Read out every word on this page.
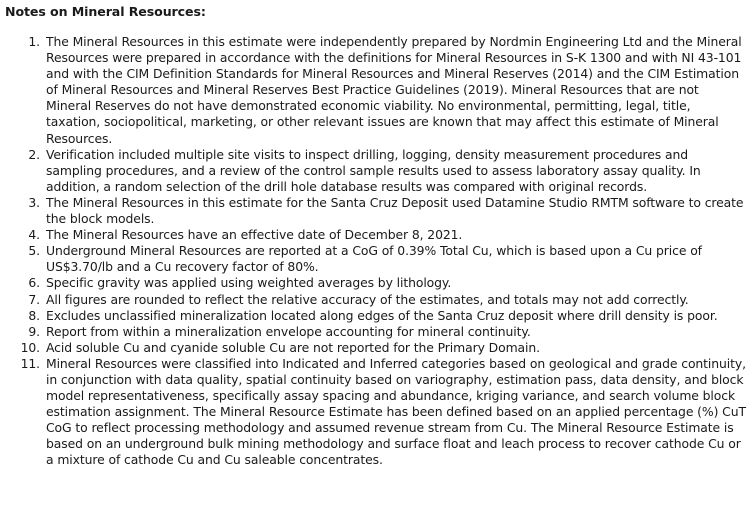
Notes on Mineral Resources:
1. The Mineral Resources in this estimate were independently prepared by Nordmin Engineering Ltd and the Mineral Resources were prepared in accordance with the definitions for Mineral Resources in S-K 1300 and with NI 43-101 and with the CIM Definition Standards for Mineral Resources and Mineral Reserves (2014) and the CIM Estimation of Mineral Resources and Mineral Reserves Best Practice Guidelines (2019). Mineral Resources that are not Mineral Reserves do not have demonstrated economic viability. No environmental, permitting, legal, title, taxation, sociopolitical, marketing, or other relevant issues are known that may affect this estimate of Mineral Resources.
2. Verification included multiple site visits to inspect drilling, logging, density measurement procedures and sampling procedures, and a review of the control sample results used to assess laboratory assay quality. In addition, a random selection of the drill hole database results was compared with original records.
3. The Mineral Resources in this estimate for the Santa Cruz Deposit used Datamine Studio RMTM software to create the block models.
4. The Mineral Resources have an effective date of December 8, 2021.
5. Underground Mineral Resources are reported at a CoG of 0.39% Total Cu, which is based upon a Cu price of US$3.70/lb and a Cu recovery factor of 80%.
6. Specific gravity was applied using weighted averages by lithology.
7. All figures are rounded to reflect the relative accuracy of the estimates, and totals may not add correctly.
8. Excludes unclassified mineralization located along edges of the Santa Cruz deposit where drill density is poor.
9. Report from within a mineralization envelope accounting for mineral continuity.
10. Acid soluble Cu and cyanide soluble Cu are not reported for the Primary Domain.
11. Mineral Resources were classified into Indicated and Inferred categories based on geological and grade continuity, in conjunction with data quality, spatial continuity based on variography, estimation pass, data density, and block model representativeness, specifically assay spacing and abundance, kriging variance, and search volume block estimation assignment. The Mineral Resource Estimate has been defined based on an applied percentage (%) CuT CoG to reflect processing methodology and assumed revenue stream from Cu. The Mineral Resource Estimate is based on an underground bulk mining methodology and surface float and leach process to recover cathode Cu or a mixture of cathode Cu and Cu saleable concentrates.
